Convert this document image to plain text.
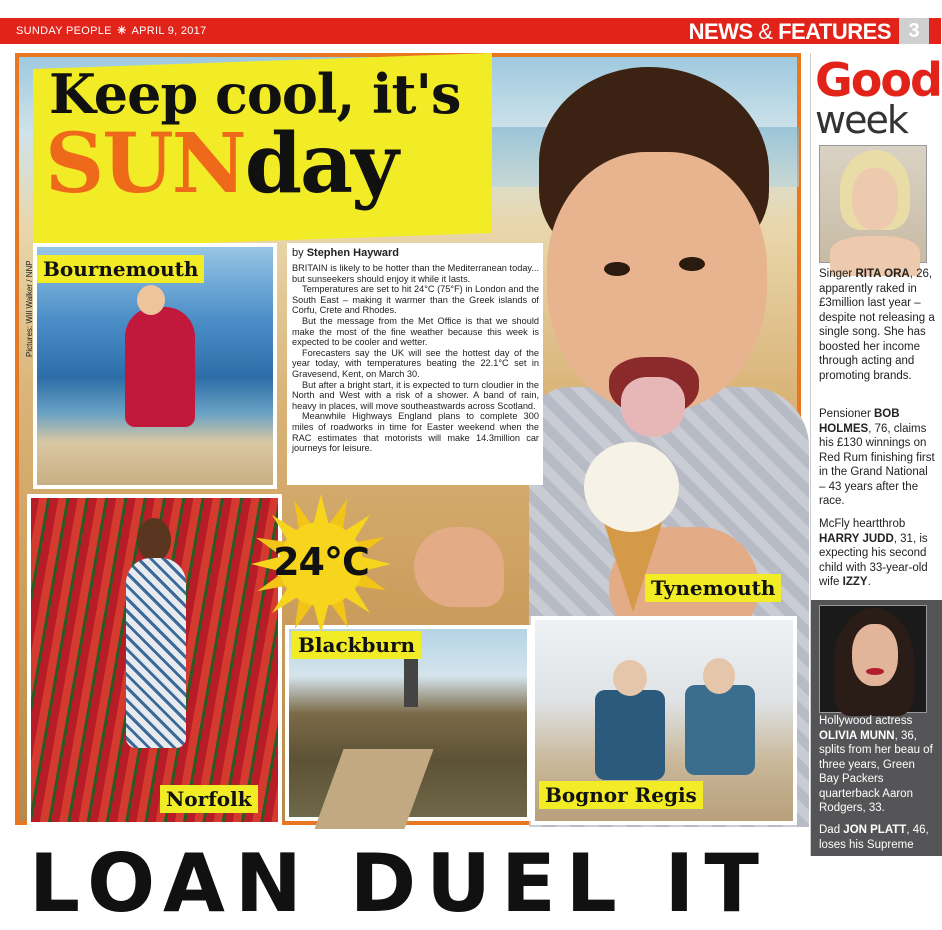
SUNDAY PEOPLE ✳ APRIL 9, 2017	NEWS & FEATURES 3
Keep cool, it's
SUNday
by Stephen Hayward

BRITAIN is likely to be hotter than the Mediterranean today... but sunseekers should enjoy it while it lasts.

Temperatures are set to hit 24°C (75°F) in London and the South East – making it warmer than the Greek islands of Corfu, Crete and Rhodes.

But the message from the Met Office is that we should make the most of the fine weather because this week is expected to be cooler and wetter.

Forecasters say the UK will see the hottest day of the year today, with temperatures beating the 22.1°C set in Gravesend, Kent, on March 30.

But after a bright start, it is expected to turn cloudier in the North and West with a risk of a shower. A band of rain, heavy in places, will move southeastwards across Scotland.

Meanwhile Highways England plans to complete 300 miles of roadworks in time for Easter weekend when the RAC estimates that motorists will make 14.3million car journeys for leisure.

Pictures: Will Walker / NNP
24°C
Bournemouth
Tynemouth
Blackburn
Norfolk	Bognor Regis
Good
week
Singer RITA ORA, 26, apparently raked in £3million last year – despite not releasing a single song. She has boosted her income through acting and promoting brands.
Pensioner BOB HOLMES, 76, claims his £130 winnings on Red Rum finishing first in the Grand National – 43 years after the race.
McFly heartthrob HARRY JUDD, 31, is expecting his second child with 33-year-old wife IZZY.
Hollywood actress OLIVIA MUNN, 36, splits from her beau of three years, Green Bay Packers quarterback Aaron Rodgers, 33.
Dad JON PLATT, 46, loses his Supreme
LOAN DUEL IT
